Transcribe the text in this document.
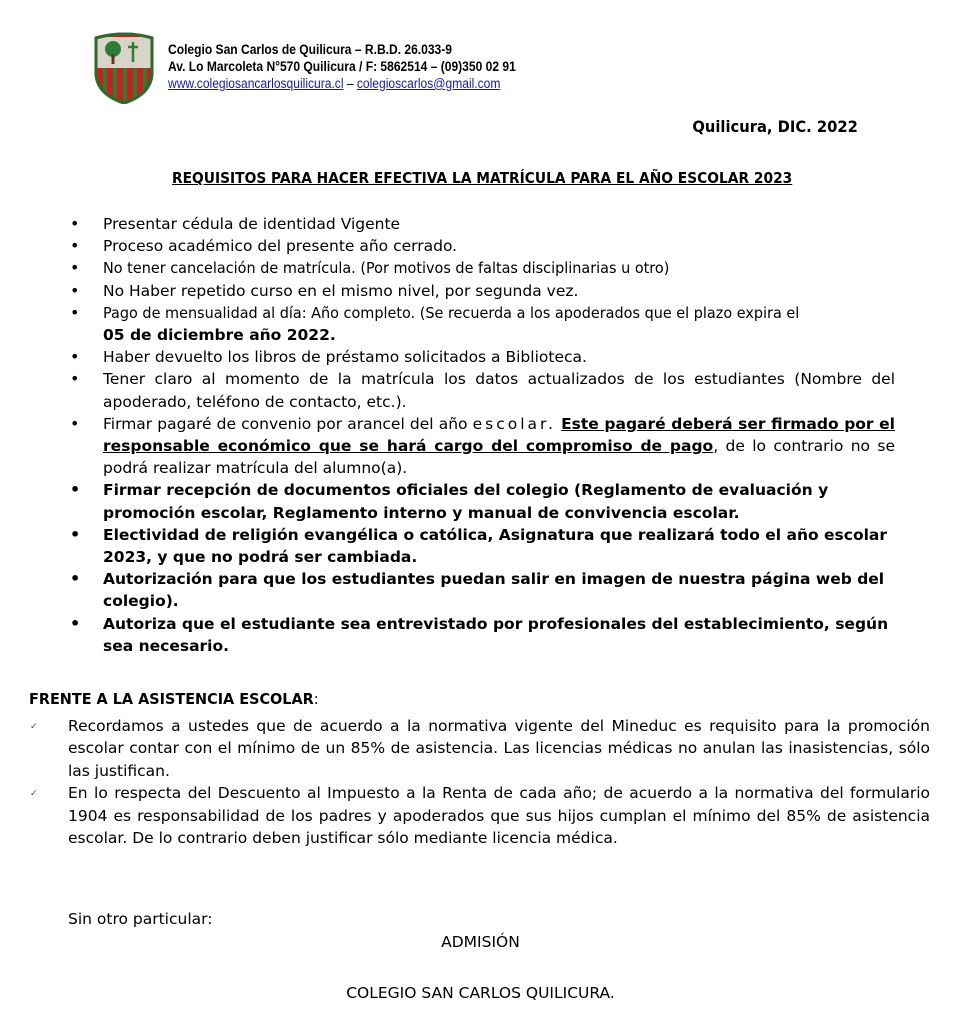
Colegio San Carlos de Quilicura – R.B.D. 26.033-9
Av. Lo Marcoleta N°570 Quilicura / F: 5862514 – (09)350 02 91
www.colegiosancarlosquilicura.cl – colegioscarlos@gmail.com
Quilicura, DIC. 2022
REQUISITOS PARA HACER EFECTIVA LA MATRÍCULA PARA EL AÑO ESCOLAR 2023
• Presentar cédula de identidad Vigente
• Proceso académico del presente año cerrado.
• No tener cancelación de matrícula. (Por motivos de faltas disciplinarias u otro)
• No Haber repetido curso en el mismo nivel, por segunda vez.
• Pago de mensualidad al día: Año completo. (Se recuerda a los apoderados que el plazo expira el
05 de diciembre año 2022.
• Haber devuelto los libros de préstamo solicitados a Biblioteca.
• Tener claro al momento de la matrícula los datos actualizados de los estudiantes (Nombre del apoderado, teléfono de contacto, etc.).
• Firmar pagaré de convenio por arancel del año escolar. Este pagaré deberá ser firmado por el responsable económico que se hará cargo del compromiso de pago, de lo contrario no se podrá realizar matrícula del alumno(a).
• Firmar recepción de documentos oficiales del colegio (Reglamento de evaluación y promoción escolar, Reglamento interno y manual de convivencia escolar.
• Electividad de religión evangélica o católica, Asignatura que realizará todo el año escolar 2023, y que no podrá ser cambiada.
• Autorización para que los estudiantes puedan salir en imagen de nuestra página web del colegio).
• Autoriza que el estudiante sea entrevistado por profesionales del establecimiento, según sea necesario.
FRENTE A LA ASISTENCIA ESCOLAR:
✓ Recordamos a ustedes que de acuerdo a la normativa vigente del Mineduc es requisito para la promoción escolar contar con el mínimo de un 85% de asistencia. Las licencias médicas no anulan las inasistencias, sólo las justifican.
✓ En lo respecta del Descuento al Impuesto a la Renta de cada año; de acuerdo a la normativa del formulario 1904 es responsabilidad de los padres y apoderados que sus hijos cumplan el mínimo del 85% de asistencia escolar. De lo contrario deben justificar sólo mediante licencia médica.
Sin otro particular:
ADMISIÓN
COLEGIO SAN CARLOS QUILICURA.
